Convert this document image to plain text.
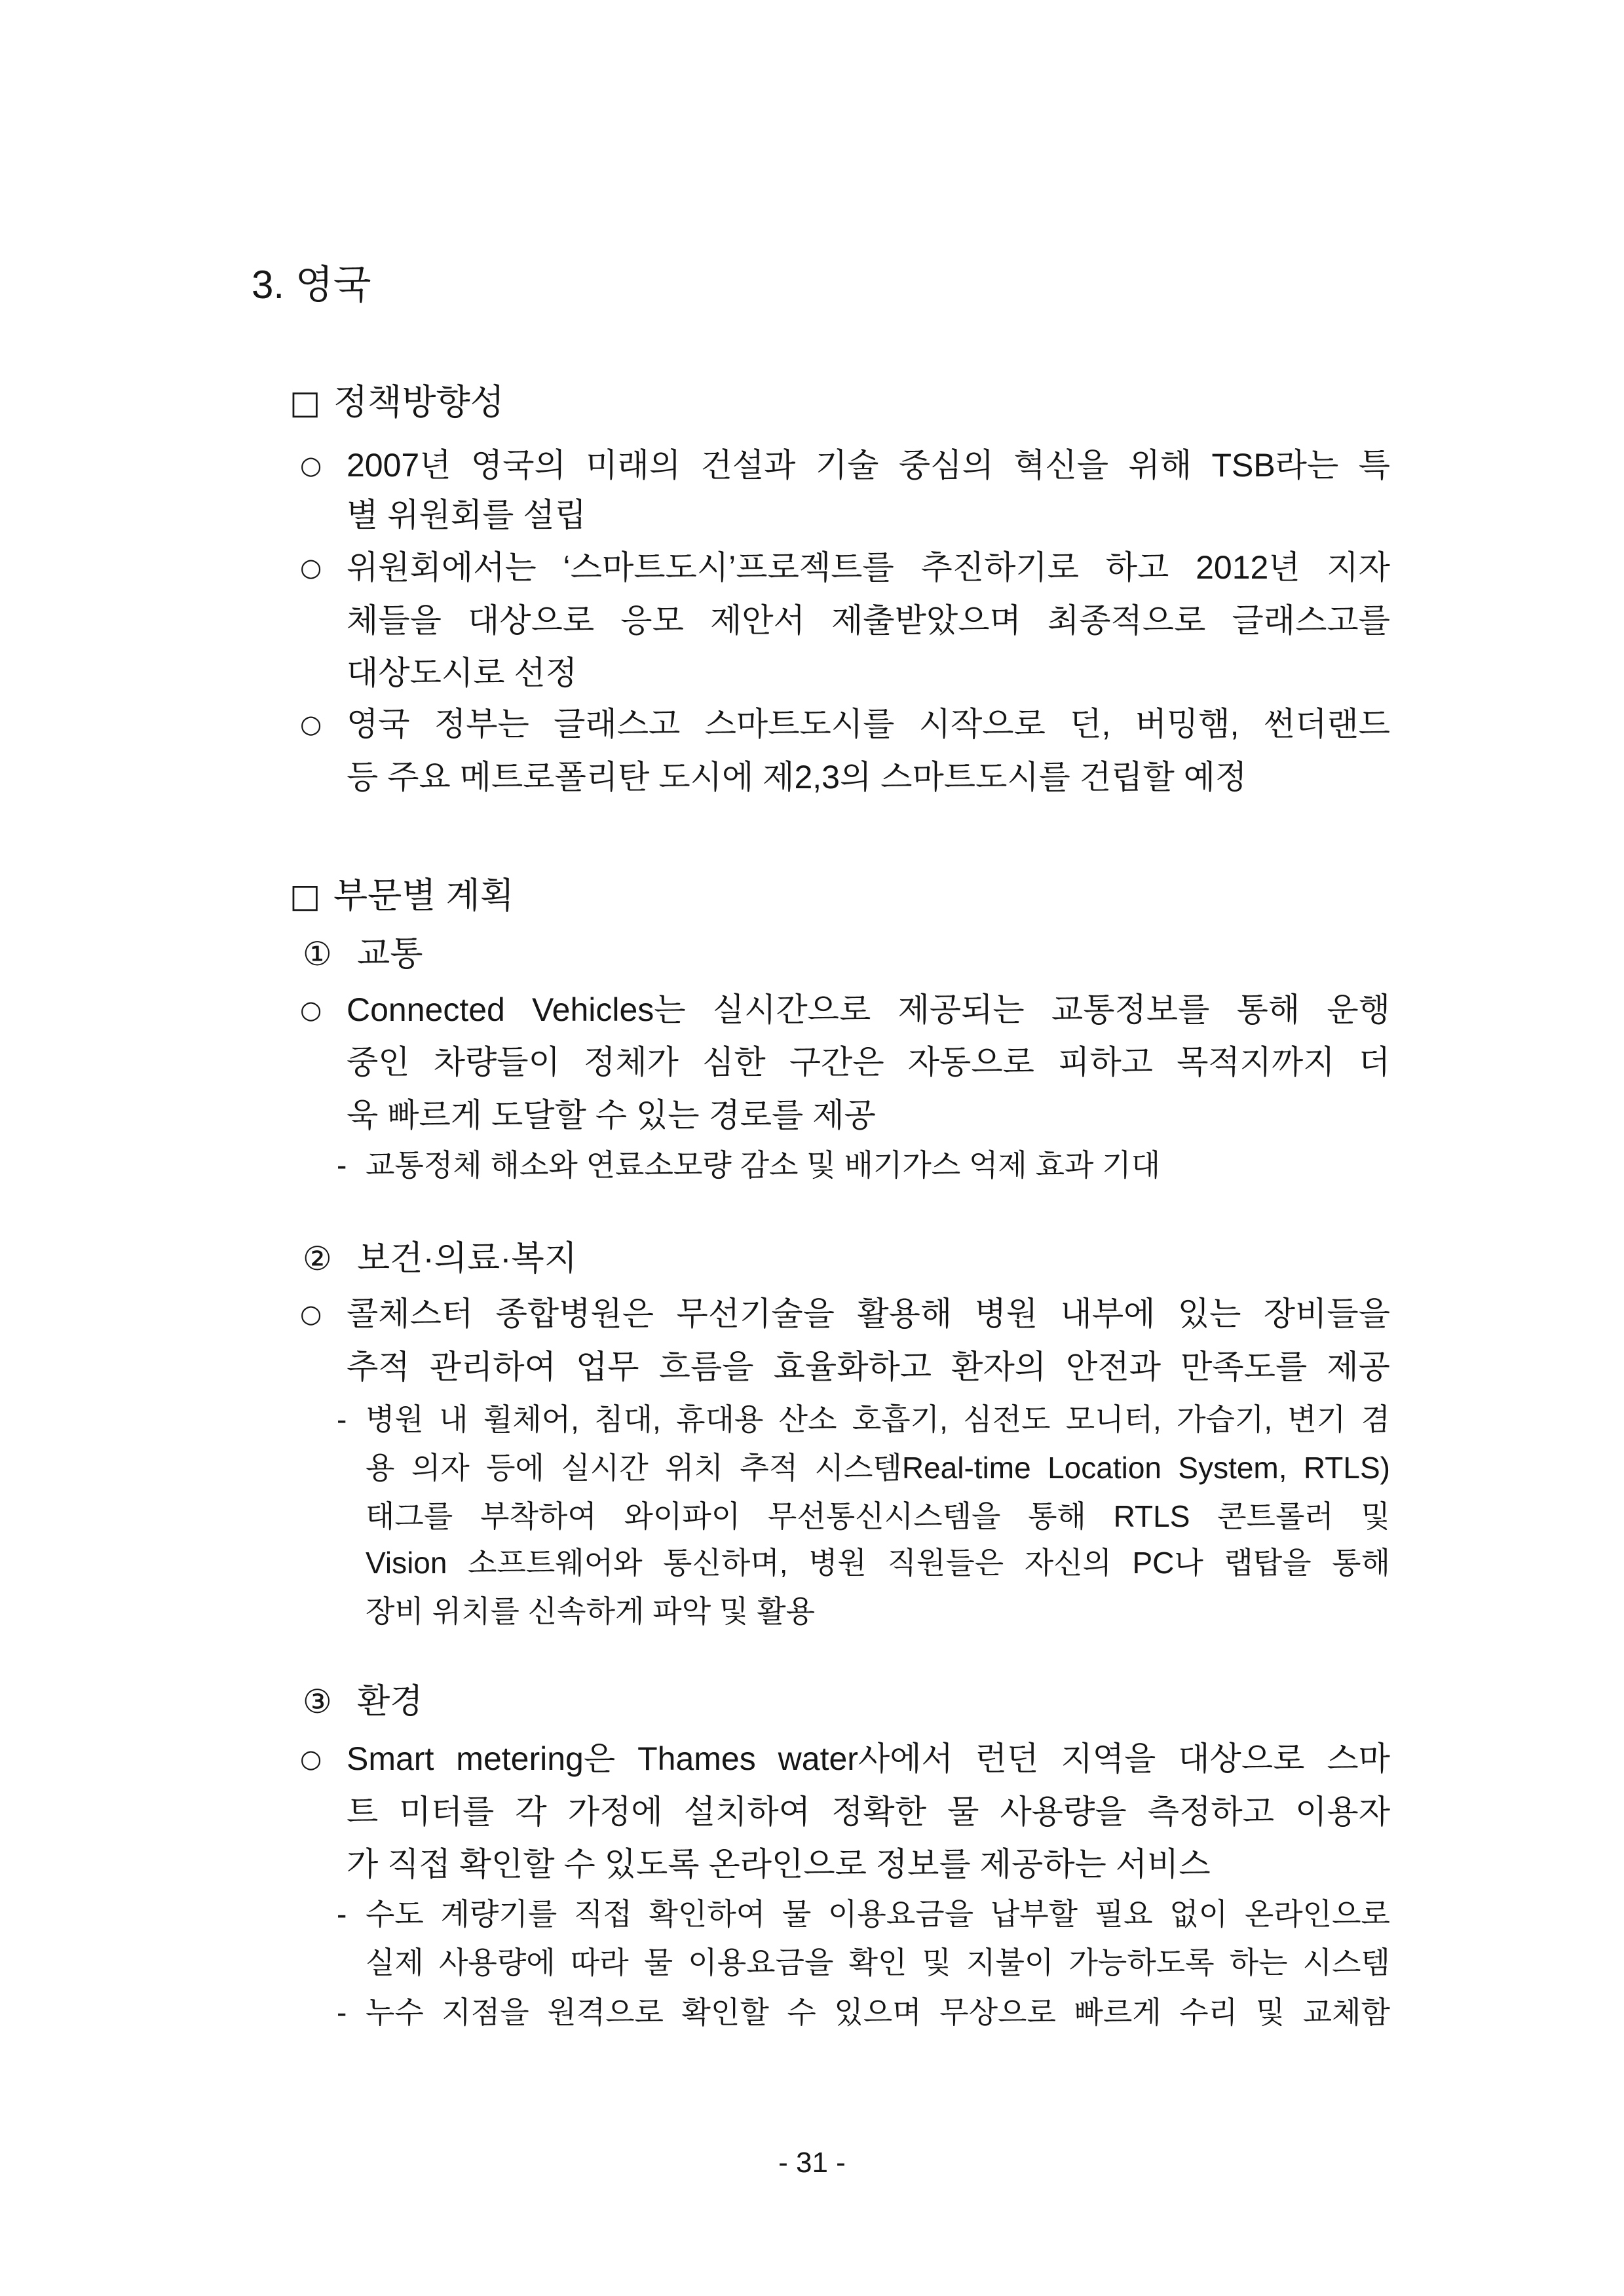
3. 영국
□ 정책방향성
○ 2007년 영국의 미래의 건설과 기술 중심의 혁신을 위해 TSB라는 특
별 위원회를 설립
○ 위원회에서는 ‘스마트도시’프로젝트를 추진하기로 하고 2012년 지자
체들을 대상으로 응모 제안서 제출받았으며 최종적으로 글래스고를
대상도시로 선정
○ 영국 정부는 글래스고 스마트도시를 시작으로 던, 버밍햄, 썬더랜드
등 주요 메트로폴리탄 도시에 제2,3의 스마트도시를 건립할 예정
□ 부문별 계획
① 교통
○ Connected Vehicles는 실시간으로 제공되는 교통정보를 통해 운행
중인 차량들이 정체가 심한 구간은 자동으로 피하고 목적지까지 더
욱 빠르게 도달할 수 있는 경로를 제공
- 교통정체 해소와 연료소모량 감소 및 배기가스 억제 효과 기대
② 보건·의료·복지
○ 콜체스터 종합병원은 무선기술을 활용해 병원 내부에 있는 장비들을
추적 관리하여 업무 흐름을 효율화하고 환자의 안전과 만족도를 제공
- 병원 내 휠체어, 침대, 휴대용 산소 호흡기, 심전도 모니터, 가습기, 변기 겸
용 의자 등에 실시간 위치 추적 시스템Real-time Location System, RTLS)
태그를 부착하여 와이파이 무선통신시스템을 통해 RTLS 콘트롤러 및
Vision 소프트웨어와 통신하며, 병원 직원들은 자신의 PC나 랩탑을 통해
장비 위치를 신속하게 파악 및 활용
③ 환경
○ Smart metering은 Thames water사에서 런던 지역을 대상으로 스마
트 미터를 각 가정에 설치하여 정확한 물 사용량을 측정하고 이용자
가 직접 확인할 수 있도록 온라인으로 정보를 제공하는 서비스
- 수도 계량기를 직접 확인하여 물 이용요금을 납부할 필요 없이 온라인으로
실제 사용량에 따라 물 이용요금을 확인 및 지불이 가능하도록 하는 시스템
- 누수 지점을 원격으로 확인할 수 있으며 무상으로 빠르게 수리 및 교체함
- 31 -
